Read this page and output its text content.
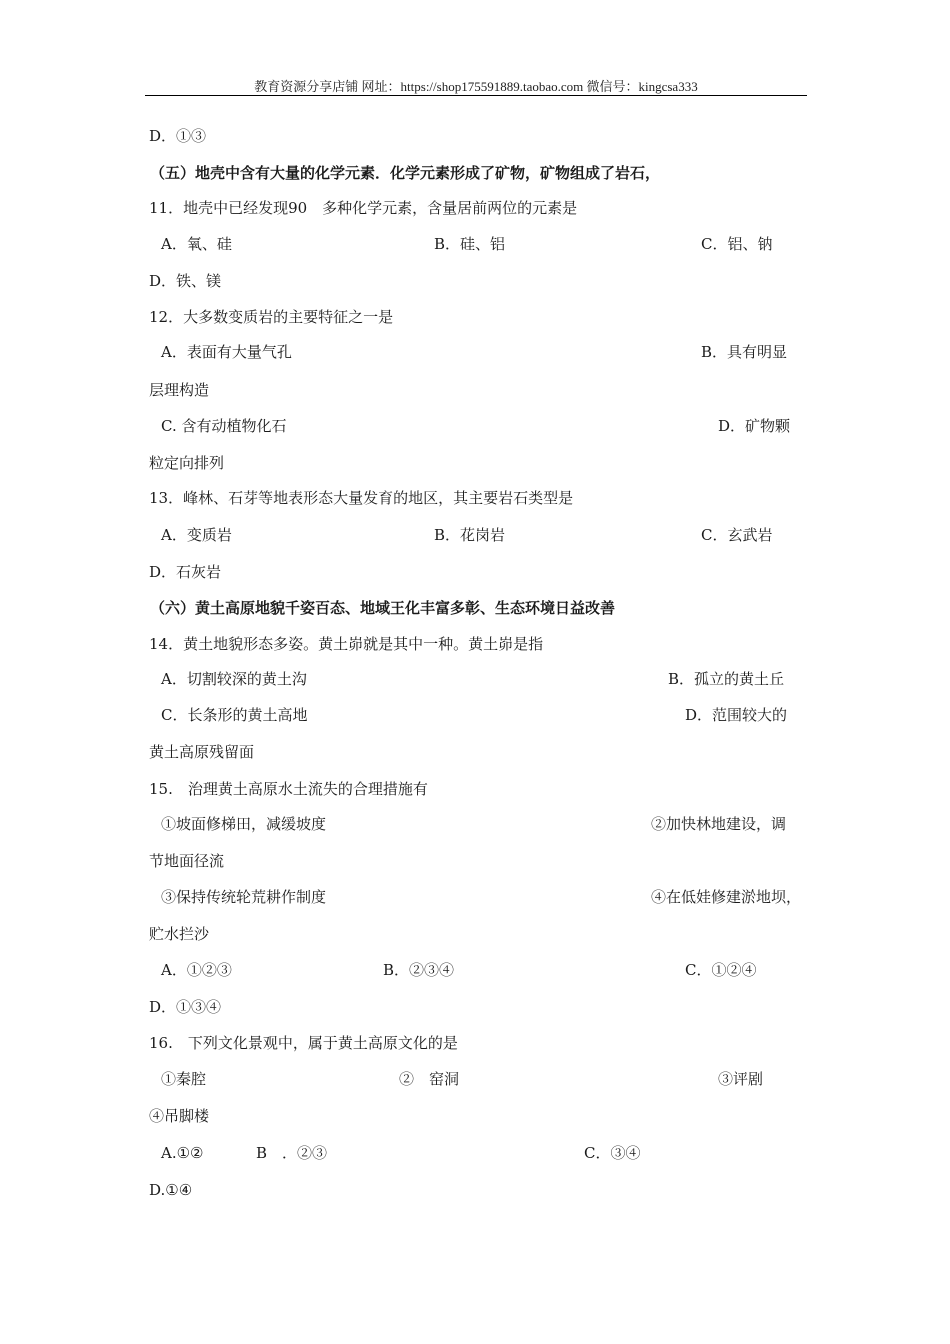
教育资源分享店铺 网址：https://shop175591889.taobao.com 微信号：kingcsa333
D．①③
（五）地壳中含有大量的化学元素．化学元素形成了矿物，矿物组成了岩石，
11．地壳中已经发现90　多种化学元素，含量居前两位的元素是
A．氧、硅	B．硅、铝	C．铝、钠
D．铁、镁
12．大多数变质岩的主要特征之一是
A．表面有大量气孔	B．具有明显
层理构造
C. 含有动植物化石	D．矿物颗
粒定向排列
13．峰林、石芽等地表形态大量发育的地区，其主要岩石类型是
A．变质岩	B．花岗岩	C．玄武岩
D．石灰岩
（六）黄土高原地貌千姿百态、地域王化丰富多彰、生态环境日益改善
14．黄土地貌形态多姿。黄土峁就是其中一种。黄土峁是指
A．切割较深的黄土沟	B．孤立的黄土丘
C．长条形的黄土高地	D．范围较大的
黄土高原残留面
15.　治理黄土高原水土流失的合理措施有
①坡面修梯田，减缓坡度	②加快林地建设，调
节地面径流
③保持传统轮荒耕作制度	④在低娃修建淤地坝，
贮水拦沙
A．①②③	B．②③④	C．①②④
D．①③④
16.　下列文化景观中，属于黄土高原文化的是
①秦腔	②　窑洞	③评剧
④吊脚楼
A.①②	B　．②③	C．③④
D.①④
